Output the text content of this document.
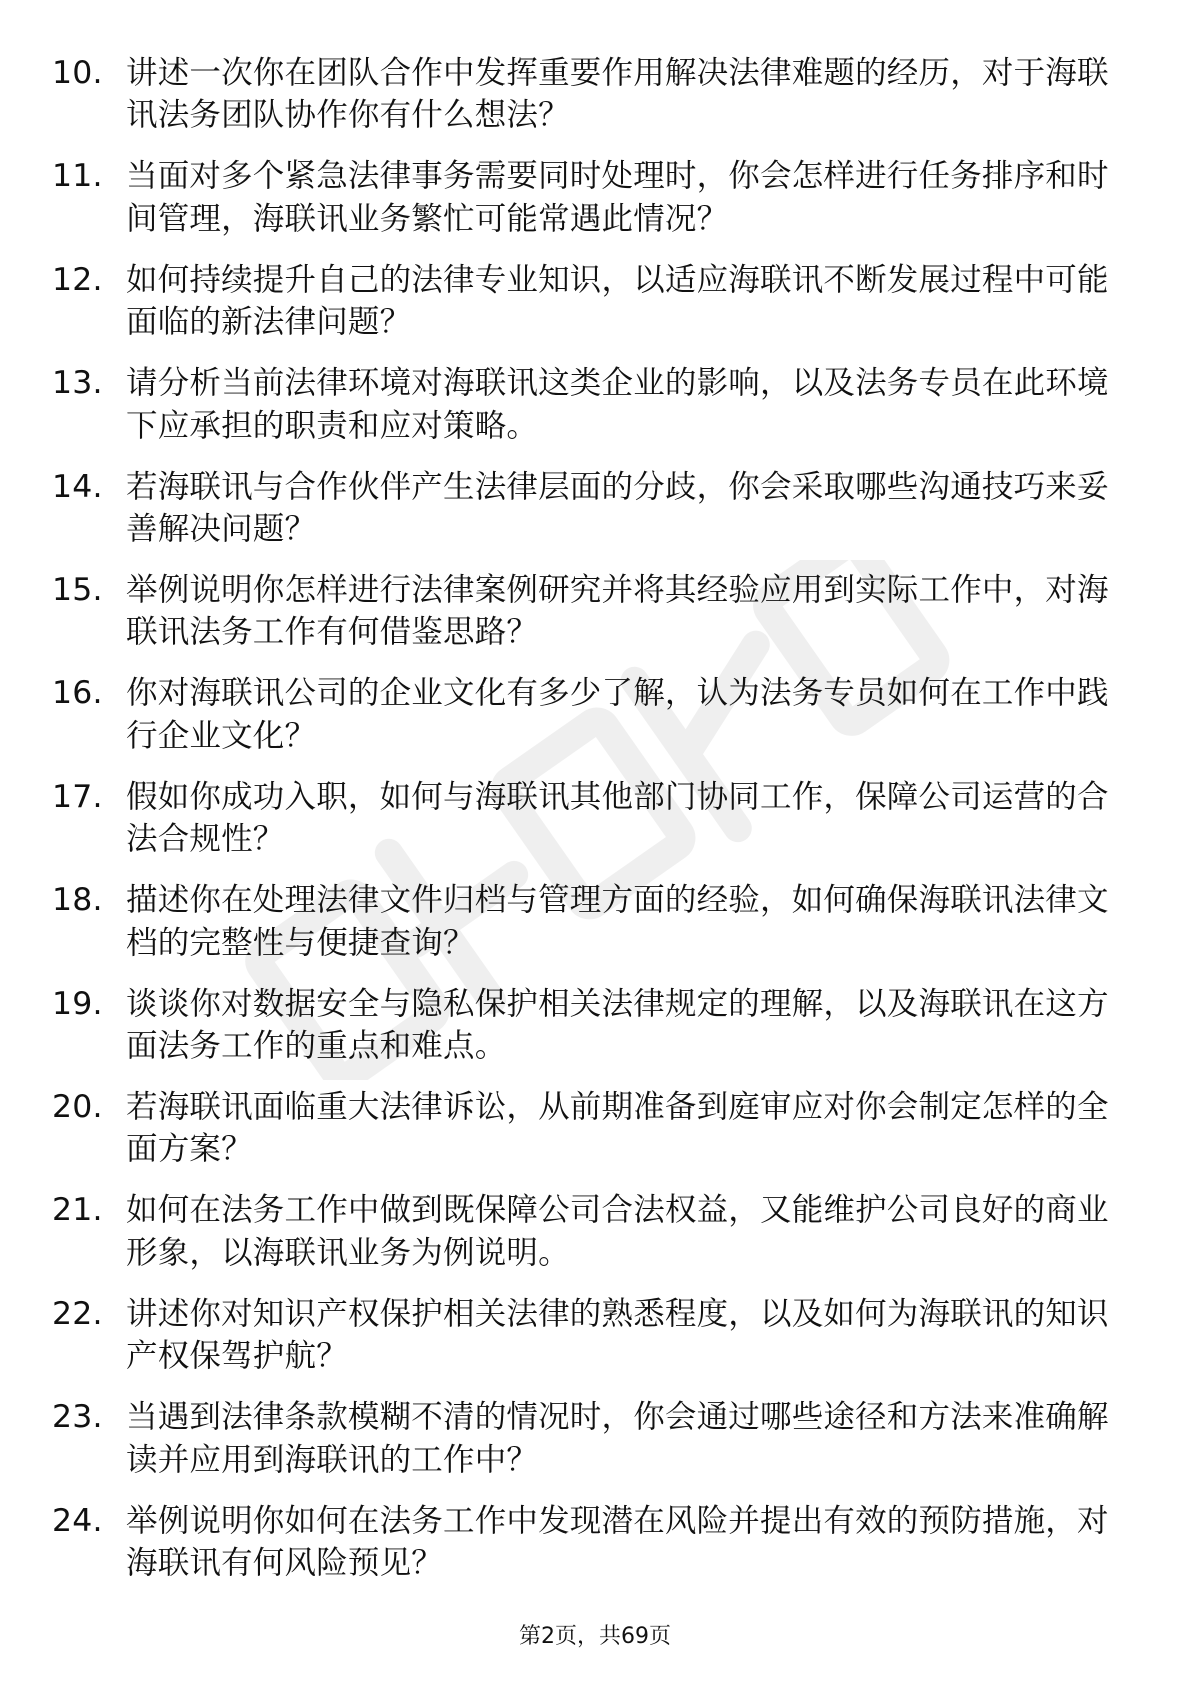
10. 讲述一次你在团队合作中发挥重要作用解决法律难题的经历，对于海联讯法务团队协作你有什么想法？
11. 当面对多个紧急法律事务需要同时处理时，你会怎样进行任务排序和时间管理，海联讯业务繁忙可能常遇此情况？
12. 如何持续提升自己的法律专业知识，以适应海联讯不断发展过程中可能面临的新法律问题？
13. 请分析当前法律环境对海联讯这类企业的影响，以及法务专员在此环境下应承担的职责和应对策略。
14. 若海联讯与合作伙伴产生法律层面的分歧，你会采取哪些沟通技巧来妥善解决问题？
15. 举例说明你怎样进行法律案例研究并将其经验应用到实际工作中，对海联讯法务工作有何借鉴思路？
16. 你对海联讯公司的企业文化有多少了解，认为法务专员如何在工作中践行企业文化？
17. 假如你成功入职，如何与海联讯其他部门协同工作，保障公司运营的合法合规性？
18. 描述你在处理法律文件归档与管理方面的经验，如何确保海联讯法律文档的完整性与便捷查询？
19. 谈谈你对数据安全与隐私保护相关法律规定的理解，以及海联讯在这方面法务工作的重点和难点。
20. 若海联讯面临重大法律诉讼，从前期准备到庭审应对你会制定怎样的全面方案？
21. 如何在法务工作中做到既保障公司合法权益，又能维护公司良好的商业形象，以海联讯业务为例说明。
22. 讲述你对知识产权保护相关法律的熟悉程度，以及如何为海联讯的知识产权保驾护航？
23. 当遇到法律条款模糊不清的情况时，你会通过哪些途径和方法来准确解读并应用到海联讯的工作中？
24. 举例说明你如何在法务工作中发现潜在风险并提出有效的预防措施，对海联讯有何风险预见？
第2页，共69页
